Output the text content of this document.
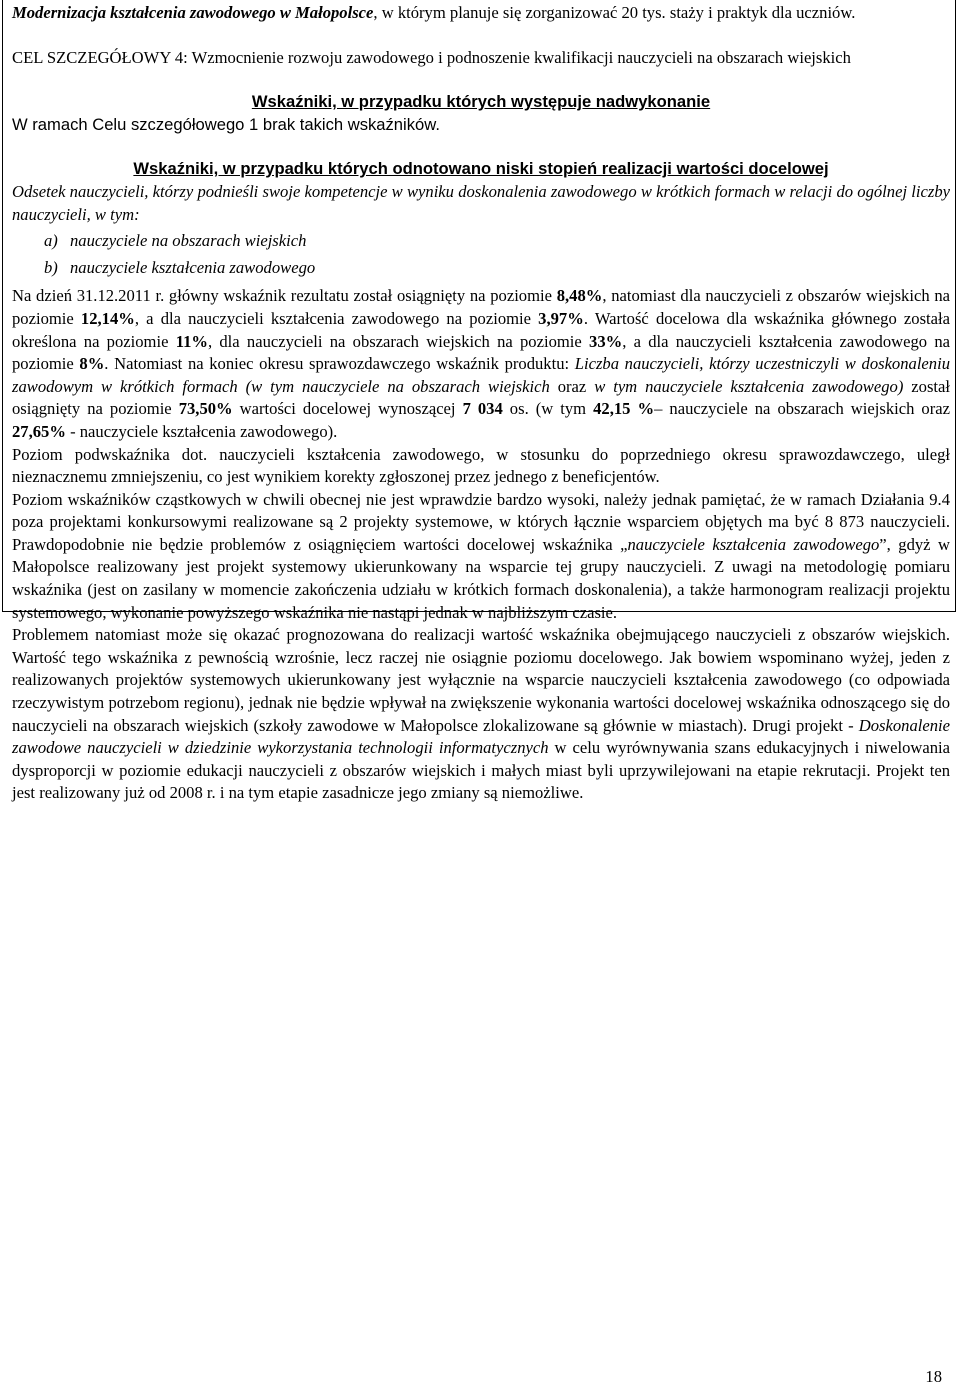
Modernizacja kształcenia zawodowego w Małopolsce, w którym planuje się zorganizować 20 tys. staży i praktyk dla uczniów.

CEL SZCZEGÓŁOWY 4: Wzmocnienie rozwoju zawodowego i podnoszenie kwalifikacji nauczycieli na obszarach wiejskich

Wskaźniki, w przypadku których występuje nadwykonanie

W ramach Celu szczegółowego 1 brak takich wskaźników.

Wskaźniki, w przypadku których odnotowano niski stopień realizacji wartości docelowej

Odsetek nauczycieli, którzy podnieśli swoje kompetencje w wyniku doskonalenia zawodowego w krótkich formach w relacji do ogólnej liczby nauczycieli, w tym:

a) nauczyciele na obszarach wiejskich

b) nauczyciele kształcenia zawodowego

Na dzień 31.12.2011 r. główny wskaźnik rezultatu został osiągnięty na poziomie 8,48%, natomiast dla nauczycieli z obszarów wiejskich na poziomie 12,14%, a dla nauczycieli kształcenia zawodowego na poziomie 3,97%. Wartość docelowa dla wskaźnika głównego została określona na poziomie 11%, dla nauczycieli na obszarach wiejskich na poziomie 33%, a dla nauczycieli kształcenia zawodowego na poziomie 8%. Natomiast na koniec okresu sprawozdawczego wskaźnik produktu: Liczba nauczycieli, którzy uczestniczyli w doskonaleniu zawodowym w krótkich formach (w tym nauczyciele na obszarach wiejskich oraz w tym nauczyciele kształcenia zawodowego) został osiągnięty na poziomie 73,50% wartości docelowej wynoszącej 7 034 os. (w tym 42,15 %– nauczyciele na obszarach wiejskich oraz 27,65% - nauczyciele kształcenia zawodowego).

Poziom podwskaźnika dot. nauczycieli kształcenia zawodowego, w stosunku do poprzedniego okresu sprawozdawczego, uległ nieznacznemu zmniejszeniu, co jest wynikiem korekty zgłoszonej przez jednego z beneficjentów.

Poziom wskaźników cząstkowych w chwili obecnej nie jest wprawdzie bardzo wysoki, należy jednak pamiętać, że w ramach Działania 9.4 poza projektami konkursowymi realizowane są 2 projekty systemowe, w których łącznie wsparciem objętych ma być 8 873 nauczycieli. Prawdopodobnie nie będzie problemów z osiągnięciem wartości docelowej wskaźnika „nauczyciele kształcenia zawodowego”, gdyż w Małopolsce realizowany jest projekt systemowy ukierunkowany na wsparcie tej grupy nauczycieli. Z uwagi na metodologię pomiaru wskaźnika (jest on zasilany w momencie zakończenia udziału w krótkich formach doskonalenia), a także harmonogram realizacji projektu systemowego, wykonanie powyższego wskaźnika nie nastąpi jednak w najbliższym czasie.

Problemem natomiast może się okazać prognozowana do realizacji wartość wskaźnika obejmującego nauczycieli z obszarów wiejskich. Wartość tego wskaźnika z pewnością wzrośnie, lecz raczej nie osiągnie poziomu docelowego. Jak bowiem wspominano wyżej, jeden z realizowanych projektów systemowych ukierunkowany jest wyłącznie na wsparcie nauczycieli kształcenia zawodowego (co odpowiada rzeczywistym potrzebom regionu), jednak nie będzie wpływał na zwiększenie wykonania wartości docelowej wskaźnika odnoszącego się do nauczycieli na obszarach wiejskich (szkoły zawodowe w Małopolsce zlokalizowane są głównie w miastach). Drugi projekt - Doskonalenie zawodowe nauczycieli w dziedzinie wykorzystania technologii informatycznych w celu wyrównywania szans edukacyjnych i niwelowania dysproporcji w poziomie edukacji nauczycieli z obszarów wiejskich i małych miast byli uprzywilejowani na etapie rekrutacji. Projekt ten jest realizowany już od 2008 r. i na tym etapie zasadnicze jego zmiany są niemożliwe.

18
